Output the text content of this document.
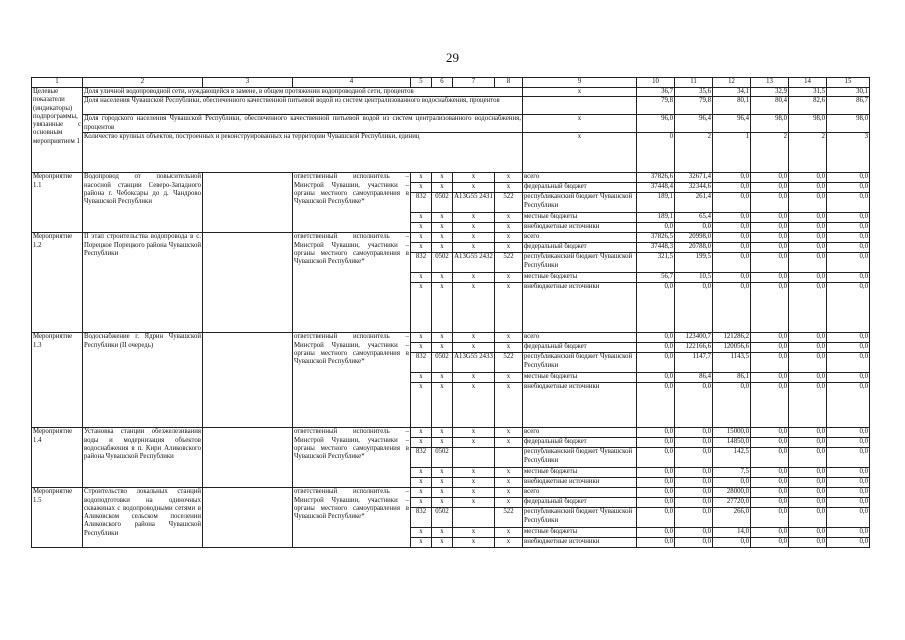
29
1	2	3	4	5	6	7	8	9	10	11	12	13	14	15
Целевые показатели (индикаторы) подпрограммы, увязанные с основным мероприятием 1	Доля уличной водопроводной сети, нуждающейся в замене, в общем протяжении водопроводной сети, процентов							x	36,7	35,6	34,1	32,9	31,5	30,1
	Доля населения Чувашской Республики, обеспеченного качественной питьевой водой из систем централизованного водоснабжения, процентов								79,8	79,8	80,1	80,4	82,6	86,7
	Доля городского населения Чувашской Республики, обеспеченного качественной питьевой водой из систем централизованного водоснабжения, процентов							x	96,0	96,4	96,4	98,0	98,0	98,0
	Количество крупных объектов, построенных и реконструированных на территории Чувашской Республики, единиц							x	0	2	1	2	2	3
Мероприятие 1.1	Водопровод от повысительной насосной станции Северо-Западного района г. Чебоксары до д. Чандрово Чувашской Республики		ответственный исполнитель – Минстрой Чувашии, участники – органы местного самоуправления в Чувашской Республике*	x	x	x	x	всего	37826,6	32671,4	0,0	0,0	0,0	0,0
				x	x	x	x	федеральный бюджет	37448,4	32344,6	0,0	0,0	0,0	0,0
				832	0502	A13G55 2431	522	республиканский бюджет Чувашской Республики	189,1	261,4	0,0	0,0	0,0	0,0
				x	x	x	x	местные бюджеты	189,1	65,4	0,0	0,0	0,0	0,0
				x	x	x	x	внебюджетные источники	0,0	0,0	0,0	0,0	0,0	0,0
Мероприятие 1.2	II этап строительства водопровода в с. Порецкое Порецкого района Чувашской Республики		ответственный исполнитель – Минстрой Чувашии, участники – органы местного самоуправления в Чувашской Республике*	x	x	x	x	всего	37826,5	20998,0	0,0	0,0	0,0	0,0
				x	x	x	x	федеральный бюджет	37448,3	20788,0	0,0	0,0	0,0	0,0
				832	0502	A13G55 2432	522	республиканский бюджет Чувашской Республики	321,5	199,5	0,0	0,0	0,0	0,0
				x	x	x	x	местные бюджеты	56,7	10,5	0,0	0,0	0,0	0,0
				x	x	x	x	внебюджетные источники	0,0	0,0	0,0	0,0	0,0	0,0
Мероприятие 1.3	Водоснабжение г. Ядрин Чувашской Республики (II очередь)		ответственный исполнитель – Минстрой Чувашии, участники – органы местного самоуправления в Чувашской Республике*	x	x	x	x	всего	0,0	123400,7	121286,2	0,0	0,0	0,0
				x	x	x	x	федеральный бюджет	0,0	122166,6	120056,6	0,0	0,0	0,0
				832	0502	A13G55 2433	522	республиканский бюджет Чувашской Республики	0,0	1147,7	1143,5	0,0	0,0	0,0
				x	x	x	x	местные бюджеты	0,0	86,4	86,1	0,0	0,0	0,0
				x	x	x	x	внебюджетные источники	0,0	0,0	0,0	0,0	0,0	0,0
Мероприятие 1.4	Установка станции обезжелезивания воды и модернизация объектов водоснабжения в п. Кири Аликовского района Чувашской Республики		ответственный исполнитель – Минстрой Чувашии, участники – органы местного самоуправления в Чувашской Республике*	x	x	x	x	всего	0,0	0,0	15000,0	0,0	0,0	0,0
				x	x	x	x	федеральный бюджет	0,0	0,0	14850,0	0,0	0,0	0,0
				832	0502			республиканский бюджет Чувашской Республики	0,0	0,0	142,5	0,0	0,0	0,0
				x	x	x	x	местные бюджеты	0,0	0,0	7,5	0,0	0,0	0,0
				x	x	x	x	внебюджетные источники	0,0	0,0	0,0	0,0	0,0	0,0
Мероприятие 1.5	Строительство локальных станций водоподготовки на одиночных скважинах с водопроводными сетями в Аликовском сельском поселении Аликовского района Чувашской Республики		ответственный исполнитель – Минстрой Чувашии, участники – органы местного самоуправления в Чувашской Республике*	x	x	x	x	всего	0,0	0,0	28000,0	0,0	0,0	0,0
				x	x	x	x	федеральный бюджет	0,0	0,0	27720,0	0,0	0,0	0,0
				832	0502		522	республиканский бюджет Чувашской Республики	0,0	0,0	266,0	0,0	0,0	0,0
				x	x	x	x	местные бюджеты	0,0	0,0	14,0	0,0	0,0	0,0
				x	x	x	x	внебюджетные источники	0,0	0,0	0,0	0,0	0,0	0,0
